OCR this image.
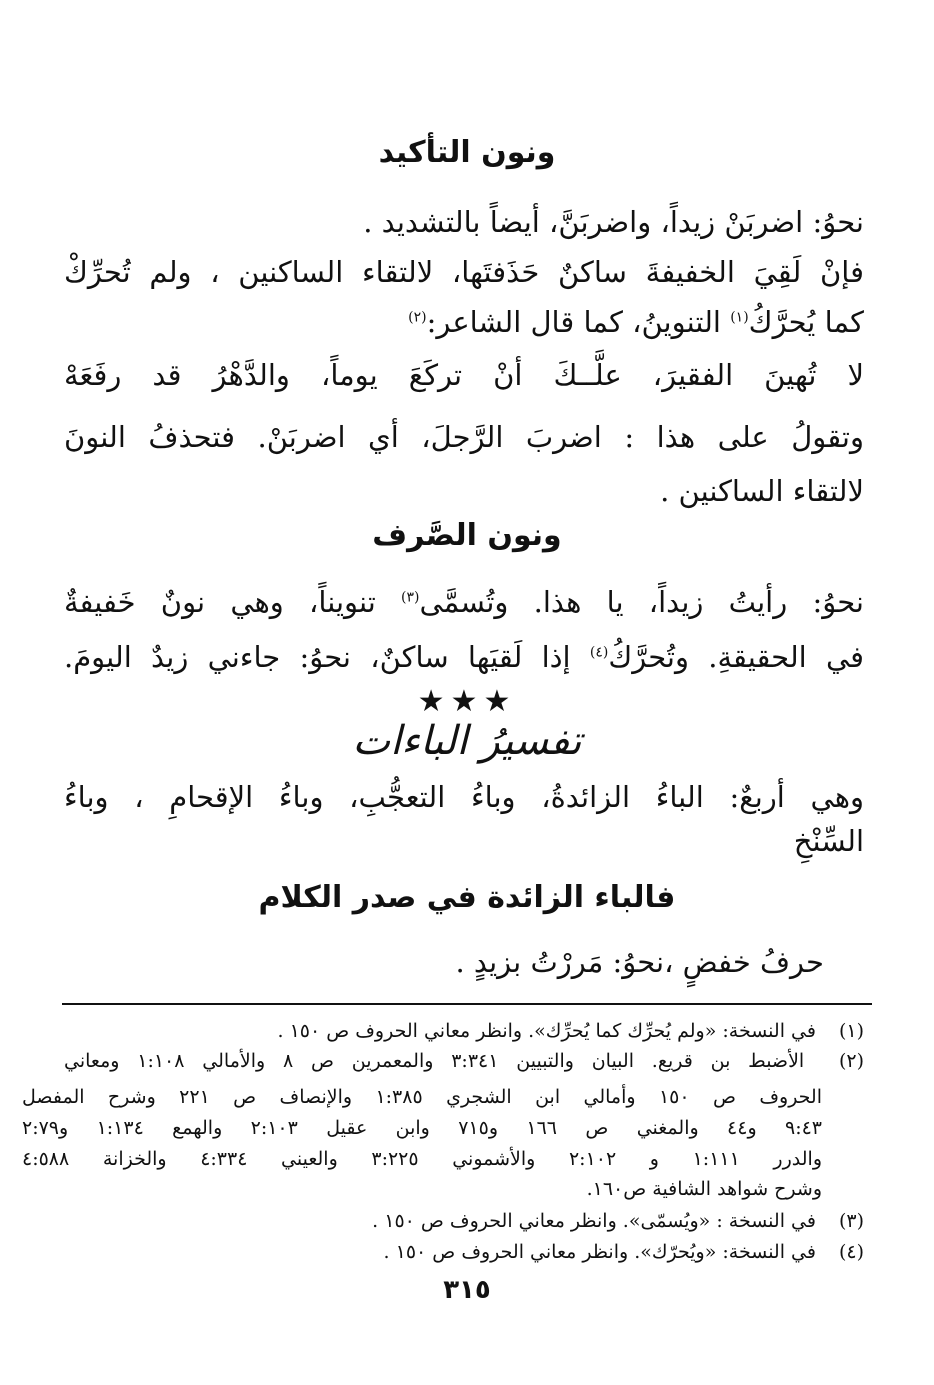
ونون التأكيد
نحوُ: اضربَنْ زيداً، واضربَنَّ، أيضاً بالتشديد .
فإنْ لَقِيَ الخفيفةَ ساكنٌ حَذَفتَها، لالتقاء الساكنين ، ولم تُحرِّكْ
كما يُحرَّكُ$^{(١)}$ التنوينُ، كما قال الشاعر:$^{(٢)}$
لا تُهينَ الفقيرَ، علَّــكَ أنْ تركَعَ يوماً، والدَّهْرُ قد رفَعَهْ
وتقولُ على هذا : اضربَ الرَّجلَ، أي اضربَنْ. فتحذفُ النونَ
لالتقاء الساكنين .
ونون الصَّرف
نحوُ: رأيتُ زيداً، يا هذا. وتُسمَّى$^{(٣)}$ تنويناً، وهي نونٌ خَفيفةٌ
في الحقيقةِ. وتُحرَّكُ$^{(٤)}$ إذا لَقيَها ساكنٌ، نحوُ: جاءني زيدٌ اليومَ.
★★★
تفسيرُ الباءات
وهي أربعٌ: الباءُ الزائدةُ، وباءُ التعجُّبِ، وباءُ الإقحامِ ، وباءُ
السِّنْخِ
فالباء الزائدة في صدر الكلام
حرفُ خفضٍ ،نحوُ: مَررْتُ بزيدٍ .
(١) في النسخة: «ولم يُحرِّك كما يُحرِّك». وانظر معاني الحروف ص ١٥٠ .
(٢) الأضبط بن قريع. البيان والتبيين ٣:٣٤١ والمعمرين ص ٨ والأمالي ١:١٠٨ ومعاني
الحروف ص ١٥٠ وأمالي ابن الشجري ١:٣٨٥ والإنصاف ص ٢٢١ وشرح المفصل
٩:٤٣ و٤٤ والمغني ص ١٦٦ و٧١٥ وابن عقيل ٢:١٠٣ والهمع ١:١٣٤ و٢:٧٩
والدرر ١:١١١ و ٢:١٠٢ والأشموني ٣:٢٢٥ والعيني ٤:٣٣٤ والخزانة ٤:٥٨٨
وشرح شواهد الشافية ص١٦٠.
(٣) في النسخة : «ويُسمّى». وانظر معاني الحروف ص ١٥٠ .
(٤) في النسخة: «ويُحرّك». وانظر معاني الحروف ص ١٥٠ .
٣١٥
